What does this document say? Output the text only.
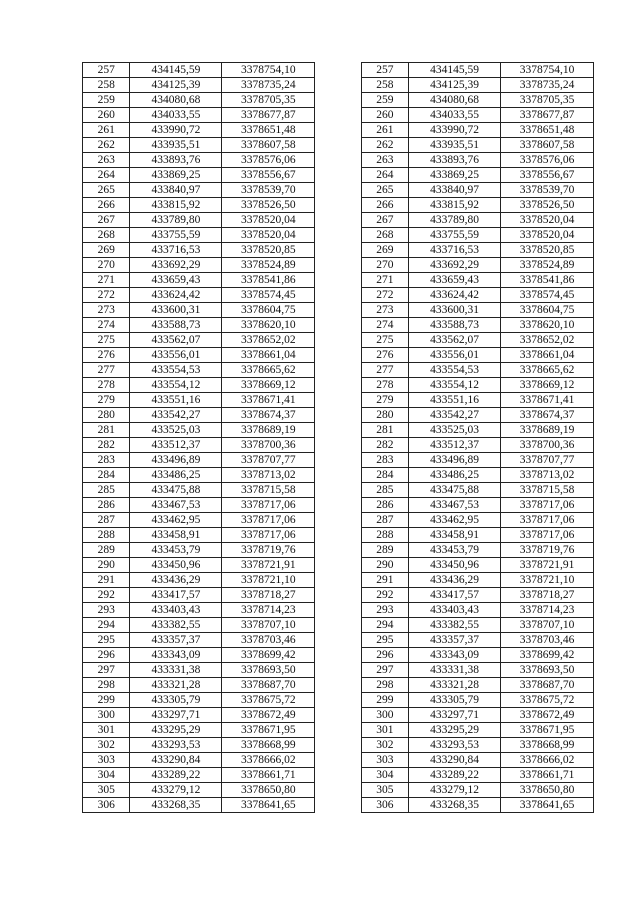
257	434145,59	3378754,10		257	434145,59	3378754,10
258	434125,39	3378735,24		258	434125,39	3378735,24
259	434080,68	3378705,35		259	434080,68	3378705,35
260	434033,55	3378677,87		260	434033,55	3378677,87
261	433990,72	3378651,48		261	433990,72	3378651,48
262	433935,51	3378607,58		262	433935,51	3378607,58
263	433893,76	3378576,06		263	433893,76	3378576,06
264	433869,25	3378556,67		264	433869,25	3378556,67
265	433840,97	3378539,70		265	433840,97	3378539,70
266	433815,92	3378526,50		266	433815,92	3378526,50
267	433789,80	3378520,04		267	433789,80	3378520,04
268	433755,59	3378520,04		268	433755,59	3378520,04
269	433716,53	3378520,85		269	433716,53	3378520,85
270	433692,29	3378524,89		270	433692,29	3378524,89
271	433659,43	3378541,86		271	433659,43	3378541,86
272	433624,42	3378574,45		272	433624,42	3378574,45
273	433600,31	3378604,75		273	433600,31	3378604,75
274	433588,73	3378620,10		274	433588,73	3378620,10
275	433562,07	3378652,02		275	433562,07	3378652,02
276	433556,01	3378661,04		276	433556,01	3378661,04
277	433554,53	3378665,62		277	433554,53	3378665,62
278	433554,12	3378669,12		278	433554,12	3378669,12
279	433551,16	3378671,41		279	433551,16	3378671,41
280	433542,27	3378674,37		280	433542,27	3378674,37
281	433525,03	3378689,19		281	433525,03	3378689,19
282	433512,37	3378700,36		282	433512,37	3378700,36
283	433496,89	3378707,77		283	433496,89	3378707,77
284	433486,25	3378713,02		284	433486,25	3378713,02
285	433475,88	3378715,58		285	433475,88	3378715,58
286	433467,53	3378717,06		286	433467,53	3378717,06
287	433462,95	3378717,06		287	433462,95	3378717,06
288	433458,91	3378717,06		288	433458,91	3378717,06
289	433453,79	3378719,76		289	433453,79	3378719,76
290	433450,96	3378721,91		290	433450,96	3378721,91
291	433436,29	3378721,10		291	433436,29	3378721,10
292	433417,57	3378718,27		292	433417,57	3378718,27
293	433403,43	3378714,23		293	433403,43	3378714,23
294	433382,55	3378707,10		294	433382,55	3378707,10
295	433357,37	3378703,46		295	433357,37	3378703,46
296	433343,09	3378699,42		296	433343,09	3378699,42
297	433331,38	3378693,50		297	433331,38	3378693,50
298	433321,28	3378687,70		298	433321,28	3378687,70
299	433305,79	3378675,72		299	433305,79	3378675,72
300	433297,71	3378672,49		300	433297,71	3378672,49
301	433295,29	3378671,95		301	433295,29	3378671,95
302	433293,53	3378668,99		302	433293,53	3378668,99
303	433290,84	3378666,02		303	433290,84	3378666,02
304	433289,22	3378661,71		304	433289,22	3378661,71
305	433279,12	3378650,80		305	433279,12	3378650,80
306	433268,35	3378641,65		306	433268,35	3378641,65
